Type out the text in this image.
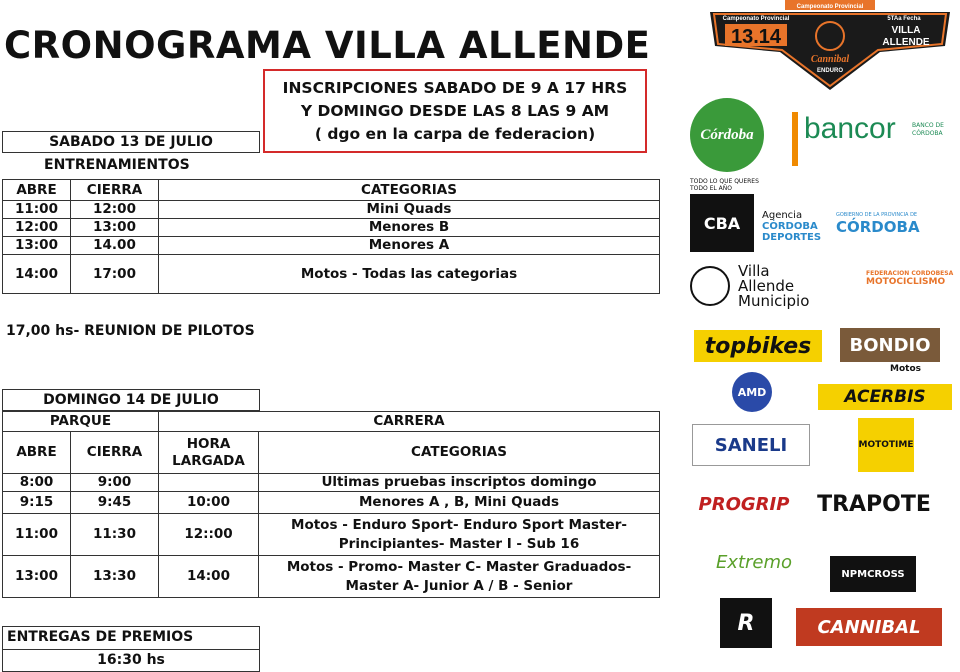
CRONOGRAMA VILLA ALLENDE
INSCRIPCIONES SABADO DE 9 A 17 HRS
Y DOMINGO DESDE LAS 8 LAS 9 AM
( dgo en la carpa de federacion)
Campeonato Provincial
Campeonato Provincial
13.14
Julio 2019
5TAa Fecha
VILLA
ALLENDE
motos
Cannibal
ENDURO
SABADO 13 DE JULIO
ENTRENAMIENTOS
ABRE	CIERRA	CATEGORIAS
11:00	12:00	Mini Quads
12:00	13:00	Menores B
13:00	14.00	Menores A
14:00	17:00	Motos - Todas las categorias
17,00 hs- REUNION DE PILOTOS
DOMINGO 14 DE JULIO
PARQUE		CARRERA	
ABRE	CIERRA	HORA LARGADA	CATEGORIAS
8:00	9:00		Ultimas pruebas inscriptos domingo
9:15	9:45	10:00	Menores A , B, Mini Quads
11:00	11:30	12::00	Motos - Enduro Sport- Enduro Sport Master-
Principiantes- Master I - Sub 16

13:00	13:30	14:00	Motos - Promo- Master C- Master Graduados-
Master A- Junior A / B - Senior
ENTREGAS DE PREMIOS
16:30 hs
Córdoba
TODO LO QUE QUERES TODO EL AÑO
bancor	BANCO DE CÓRDOBA
CBA	Agencia
CÓRDOBA
DEPORTES
GOBIERNO DE LA PROVINCIA DE
CÓRDOBA
Villa
Allende
Municipio
FEDERACION CORDOBESA
MOTOCICLISMO
topbikes	BONDIO
Motos
AMD	ACERBIS
SANELI	MOTOTIME
PROGRIP	TRAPOTE
Extremo
NPMCROSS
R	CANNIBAL
